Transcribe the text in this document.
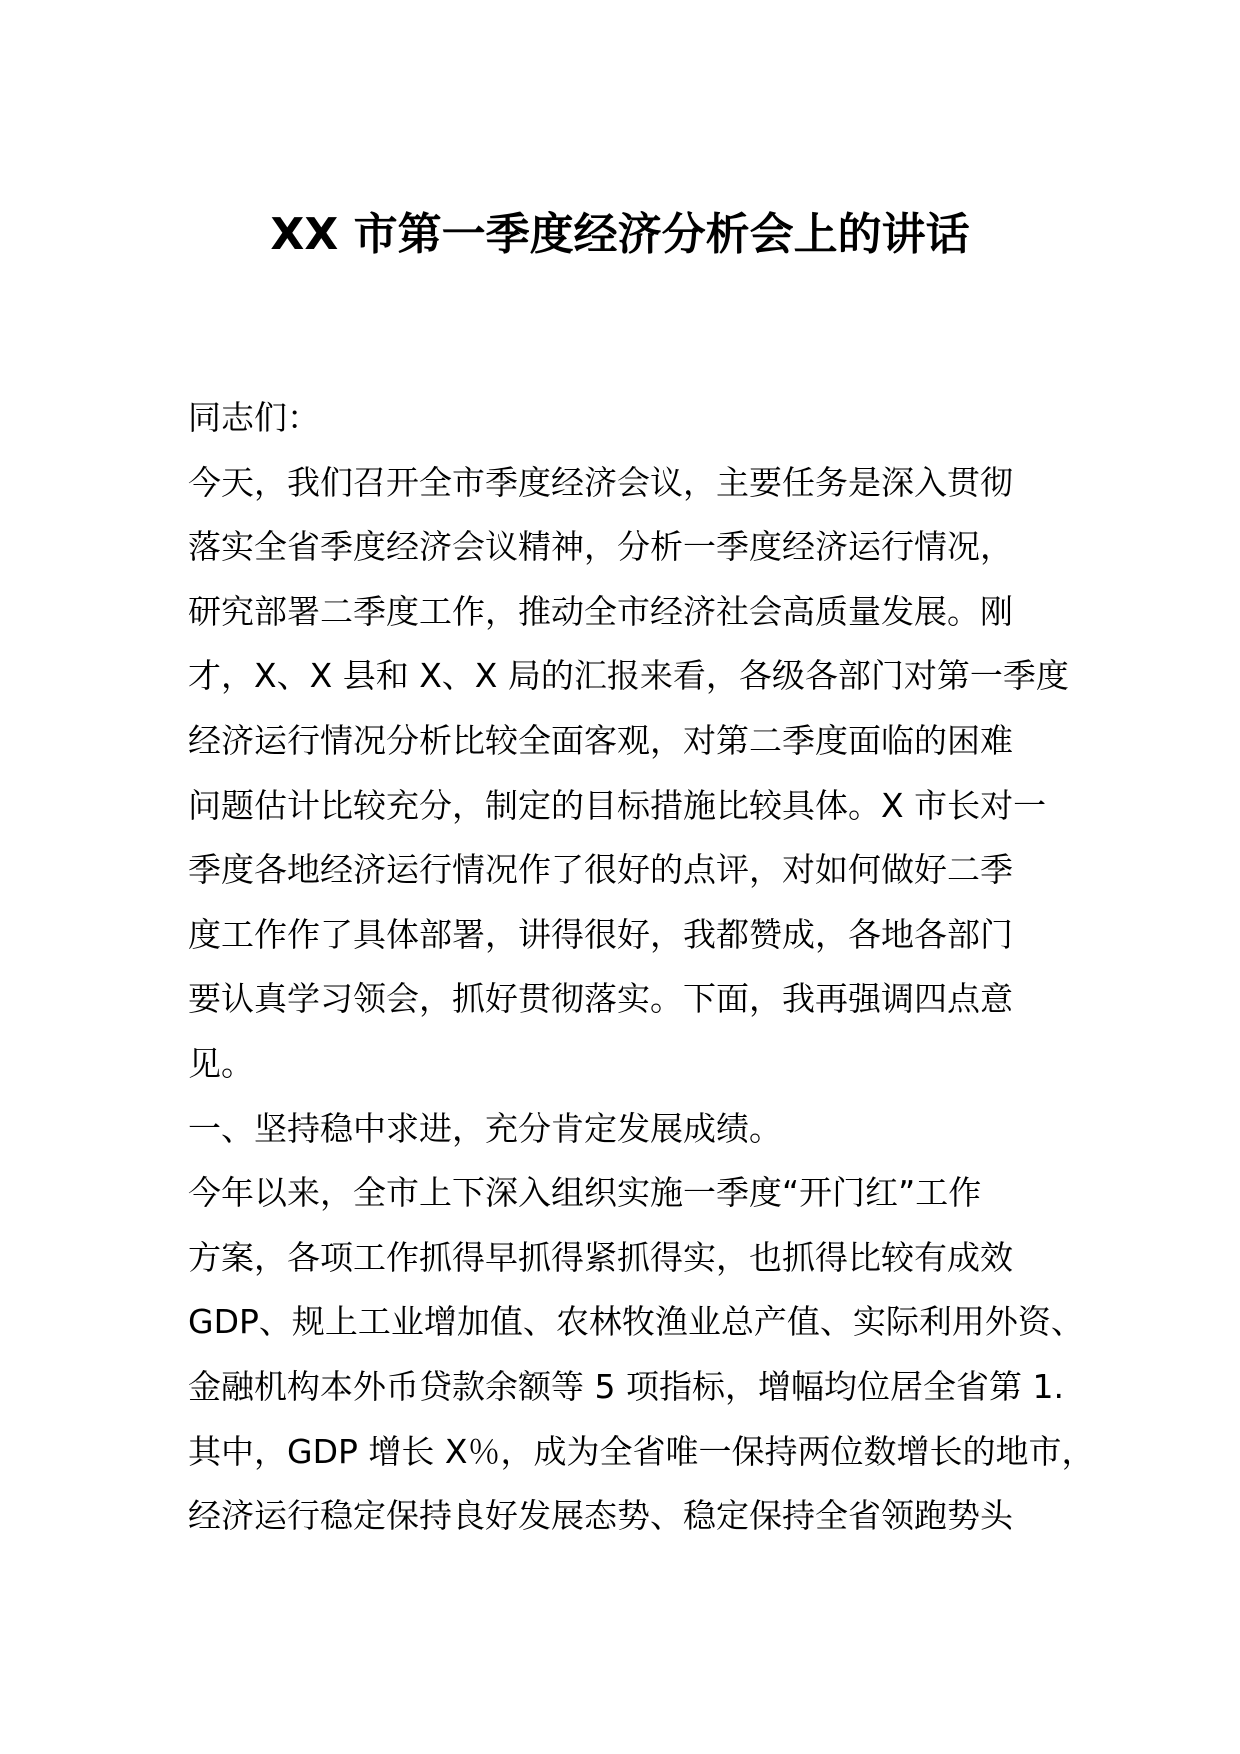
XX 市第一季度经济分析会上的讲话
同志们：
今天，我们召开全市季度经济会议，主要任务是深入贯彻
落实全省季度经济会议精神，分析一季度经济运行情况，
研究部署二季度工作，推动全市经济社会高质量发展。刚
才，X、X 县和 X、X 局的汇报来看，各级各部门对第一季度
经济运行情况分析比较全面客观，对第二季度面临的困难
问题估计比较充分，制定的目标措施比较具体。X 市长对一
季度各地经济运行情况作了很好的点评，对如何做好二季
度工作作了具体部署，讲得很好，我都赞成，各地各部门
要认真学习领会，抓好贯彻落实。下面，我再强调四点意
见。
一、坚持稳中求进，充分肯定发展成绩。
今年以来，全市上下深入组织实施一季度“开门红”工作
方案，各项工作抓得早抓得紧抓得实，也抓得比较有成效
GDP、规上工业增加值、农林牧渔业总产值、实际利用外资、
金融机构本外币贷款余额等 5 项指标，增幅均位居全省第 1.
其中，GDP 增长 X％，成为全省唯一保持两位数增长的地市，
经济运行稳定保持良好发展态势、稳定保持全省领跑势头
